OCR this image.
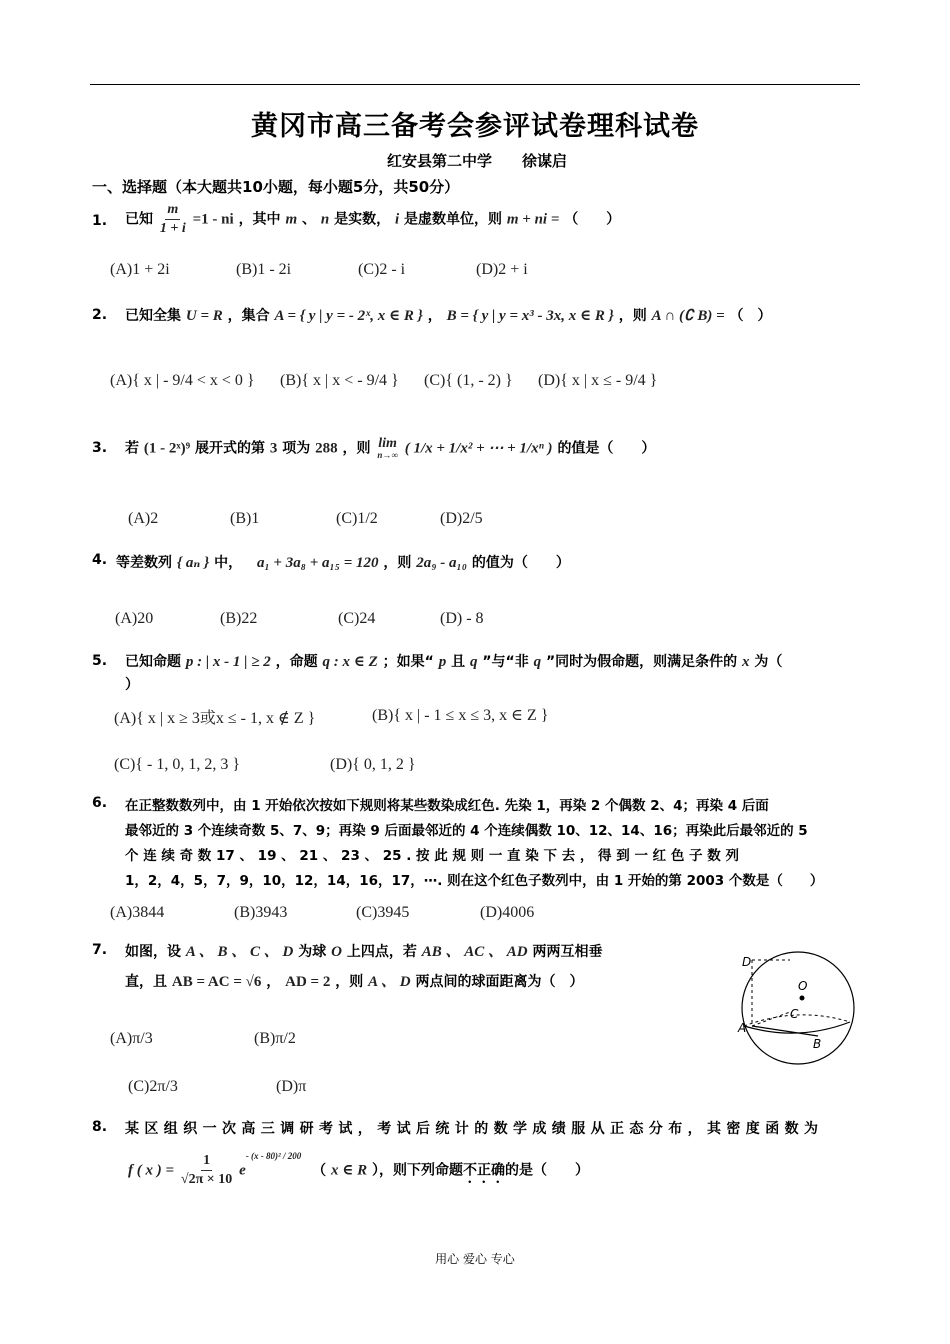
黄冈市高三备考会参评试卷理科试卷
红安县第二中学　　徐谋启
一、选择题（本大题共10小题，每小题5分，共50分）
1. 已知 $\frac{m}{1 + i} =1$ - ni ，其中 m 、 n 是实数， i 是虚数单位，则 m + ni = （　　）
(A)1 + 2i	(B)1 - 2i	(C)2 - i	(D)2 + i
2. 已知全集 U = R ，集合 A = { y | y = - 2ˣ, x ∈ R } ， B = { y | y = x³ - 3x, x ∈ R } ，则 A ∩ (∁ B) = （　）
(A){ x | - 9/4 < x < 0 } (B){ x | x < - 9/4 } (C){ (1, - 2) } (D){ x | x ≤ - 9/4 }
3. 若 (1 - 2ˣ)⁹ 展开式的第 3 项为 288 ，则 lim
n→∞ ( 1/x + 1/x² + ⋯ + 1/xⁿ ) 的值是（　　）
(A)2	(B)1	(C)1/2	(D)2/5
4. 等差数列 { aₙ } 中， a₁ + 3a₈ + a₁₅ = 120 ，则 2a₉ - a₁₀ 的值为（　　）
(A)20	(B)22	(C)24	(D) - 8
5. 已知命题 p : | x - 1 | ≥ 2 ，命题 q : x ∈ Z ；如果“ p 且 q ”与“非 q ”同时为假命题，则满足条件的 x 为（
）
(A){ x | x ≥ 3或x ≤ - 1, x ∉ Z }	(B){ x | - 1 ≤ x ≤ 3, x ∈ Z }
(C){ - 1, 0, 1, 2, 3 }	(D){ 0, 1, 2 }
6. 在正整数数列中，由 1 开始依次按如下规则将某些数染成红色. 先染 1，再染 2 个偶数 2、4；再染 4 后面
最邻近的 3 个连续奇数 5、7、9；再染 9 后面最邻近的 4 个连续偶数 10、12、14、16；再染此后最邻近的 5
个 连 续 奇 数 17 、 19 、 21 、 23 、 25 . 按 此 规 则 一 直 染 下 去 ， 得 到 一 红 色 子 数 列
1，2，4，5，7，9，10，12，14，16，17，⋯. 则在这个红色子数列中，由 1 开始的第 2003 个数是（　　）
(A)3844	(B)3943	(C)3945	(D)4006
7. 如图，设 A 、 B 、 C 、 D 为球 O 上四点，若 AB 、 AC 、 AD 两两互相垂
直，且 AB = AC = √6 ， AD = 2 ，则 A 、 D 两点间的球面距离为（　）
(A)π/3	(B)π/2
(C)2π/3	(D)π
D
O
C
A
B
8. 某区组织一次高三调研考试，考试后统计的数学成绩服从正态分布，其密度函数为
f ( x ) = $\frac{1}{√2\pi \times 10} e^{- (x - 80)^2 / 200}$ （ x ∈ R ），则下列命题不正确的是（　　）
用心 爱心 专心
